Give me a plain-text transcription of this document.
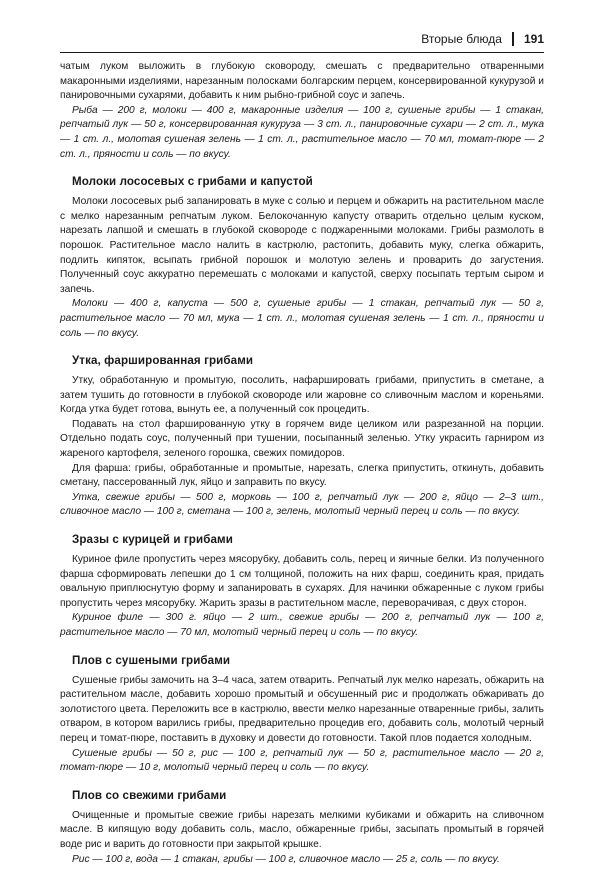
Вторые блюда 191

чатым луком выложить в глубокую сковороду, смешать с предварительно отваренными макаронными изделиями, нарезанным полосками болгарским перцем, консервированной кукурузой и панировочными сухарями, добавить к ним рыбно-грибной соус и запечь.

Рыба — 200 г, молоки — 400 г, макаронные изделия — 100 г, сушеные грибы — 1 стакан, репчатый лук — 50 г, консервированная кукуруза — 3 ст. л., панировочные сухари — 2 ст. л., мука — 1 ст. л., молотая сушеная зелень — 1 ст. л., растительное масло — 70 мл, томат-пюре — 2 ст. л., пряности и соль — по вкусу.

Молоки лососевых с грибами и капустой

Молоки лососевых рыб запанировать в муке с солью и перцем и обжарить на растительном масле с мелко нарезанным репчатым луком. Белокочанную капусту отварить отдельно целым куском, нарезать лапшой и смешать в глубокой сковороде с поджаренными молоками. Грибы размолоть в порошок. Растительное масло налить в кастрюлю, растопить, добавить муку, слегка обжарить, подлить кипяток, всыпать грибной порошок и молотую зелень и проварить до загустения. Полученный соус аккуратно перемешать с молоками и капустой, сверху посыпать тертым сыром и запечь.

Молоки — 400 г, капуста — 500 г, сушеные грибы — 1 стакан, репчатый лук — 50 г, растительное масло — 70 мл, мука — 1 ст. л., молотая сушеная зелень — 1 ст. л., пряности и соль — по вкусу.

Утка, фаршированная грибами

Утку, обработанную и промытую, посолить, нафаршировать грибами, припустить в сметане, а затем тушить до готовности в глубокой сковороде или жаровне со сливочным маслом и кореньями. Когда утка будет готова, вынуть ее, а полученный сок процедить.

Подавать на стол фаршированную утку в горячем виде целиком или разрезанной на порции. Отдельно подать соус, полученный при тушении, посыпанный зеленью. Утку украсить гарниром из жареного картофеля, зеленого горошка, свежих помидоров.

Для фарша: грибы, обработанные и промытые, нарезать, слегка припустить, откинуть, добавить сметану, пассерованный лук, яйцо и заправить по вкусу.

Утка, свежие грибы — 500 г, морковь — 100 г, репчатый лук — 200 г, яйцо — 2–3 шт., сливочное масло — 100 г, сметана — 100 г, зелень, молотый черный перец и соль — по вкусу.

Зразы с курицей и грибами

Куриное филе пропустить через мясорубку, добавить соль, перец и яичные белки. Из полученного фарша сформировать лепешки до 1 см толщиной, положить на них фарш, соединить края, придать овальную приплюснутую форму и запанировать в сухарях. Для начинки обжаренные с луком грибы пропустить через мясорубку. Жарить зразы в растительном масле, переворачивая, с двух сторон.

Куриное филе — 300 г. яйцо — 2 шт., свежие грибы — 200 г, репчатый лук — 100 г, растительное масло — 70 мл, молотый черный перец и соль — по вкусу.

Плов с сушеными грибами

Сушеные грибы замочить на 3–4 часа, затем отварить. Репчатый лук мелко нарезать, обжарить на растительном масле, добавить хорошо промытый и обсушенный рис и продолжать обжаривать до золотистого цвета. Переложить все в кастрюлю, ввести мелко нарезанные отваренные грибы, залить отваром, в котором варились грибы, предварительно процедив его, добавить соль, молотый черный перец и томат-пюре, поставить в духовку и довести до готовности. Такой плов подается холодным.

Сушеные грибы — 50 г, рис — 100 г, репчатый лук — 50 г, растительное масло — 20 г, томат-пюре — 10 г, молотый черный перец и соль — по вкусу.

Плов со свежими грибами

Очищенные и промытые свежие грибы нарезать мелкими кубиками и обжарить на сливочном масле. В кипящую воду добавить соль, масло, обжаренные грибы, засыпать промытый в горячей воде рис и варить до готовности при закрытой крышке.

Рис — 100 г, вода — 1 стакан, грибы — 100 г, сливочное масло — 25 г, соль — по вкусу.
